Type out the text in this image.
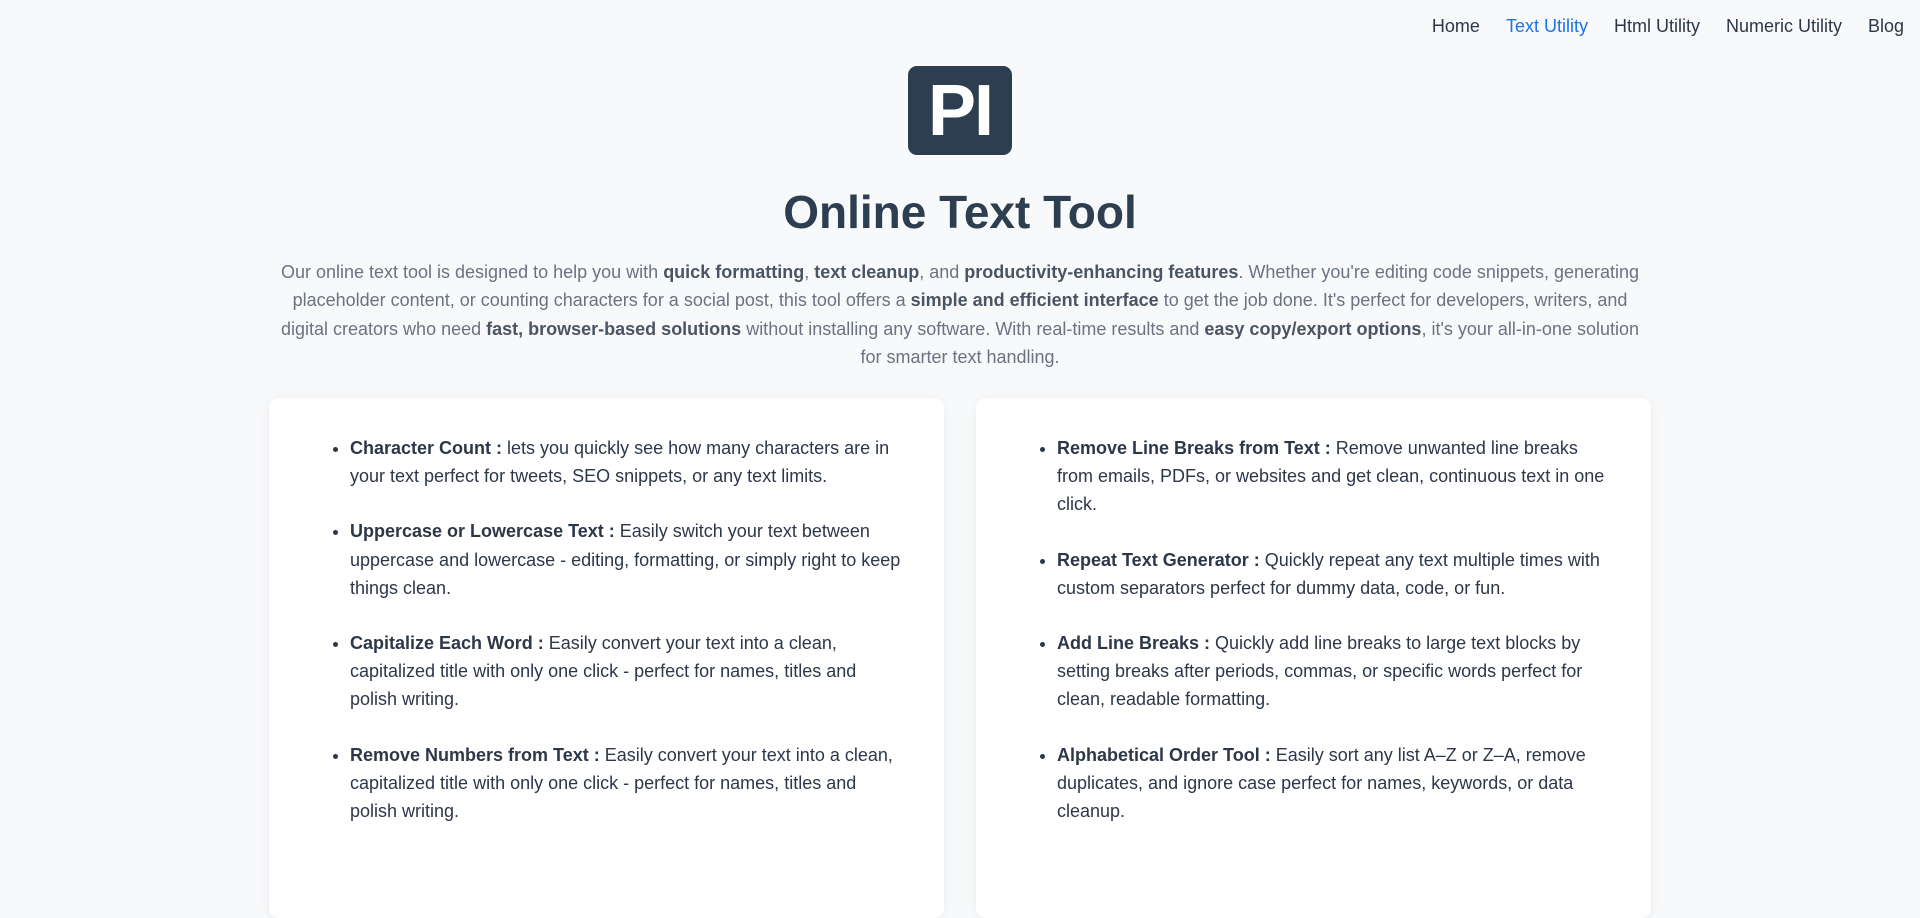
Home Text Utility Html Utility Numeric Utility Blog
PI
Online Text Tool

Our online text tool is designed to help you with quick formatting, text cleanup, and productivity-enhancing features. Whether you're editing code snippets, generating placeholder content, or counting characters for a social post, this tool offers a simple and efficient interface to get the job done. It's perfect for developers, writers, and digital creators who need fast, browser-based solutions without installing any software. With real-time results and easy copy/export options, it's your all-in-one solution for smarter text handling.

• Character Count : lets you quickly see how many characters are in your text perfect for tweets, SEO snippets, or any text limits.
• Uppercase or Lowercase Text : Easily switch your text between uppercase and lowercase - editing, formatting, or simply right to keep things clean.
• Capitalize Each Word : Easily convert your text into a clean, capitalized title with only one click - perfect for names, titles and polish writing.
• Remove Numbers from Text : Easily convert your text into a clean, capitalized title with only one click - perfect for names, titles and polish writing.
• Remove Line Breaks from Text : Remove unwanted line breaks from emails, PDFs, or websites and get clean, continuous text in one click.
• Repeat Text Generator : Quickly repeat any text multiple times with custom separators perfect for dummy data, code, or fun.
• Add Line Breaks : Quickly add line breaks to large text blocks by setting breaks after periods, commas, or specific words perfect for clean, readable formatting.
• Alphabetical Order Tool : Easily sort any list A–Z or Z–A, remove duplicates, and ignore case perfect for names, keywords, or data cleanup.
